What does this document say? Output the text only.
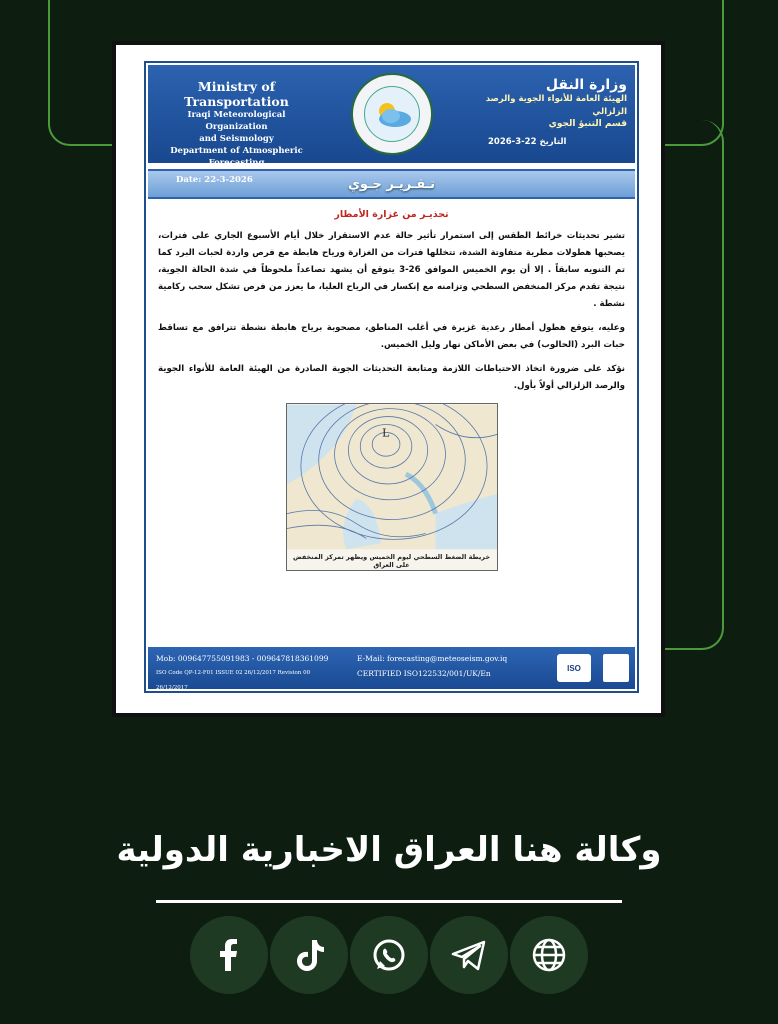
Ministry of Transportation
Iraqi Meteorological Organization
and Seismology
Department of Atmospheric Forecasting
Date: 22-3-2026
وزارة النقل
الهيئة العامة للأنواء الجوية والرصد الزلزالي
قسم التنبؤ الجوي
التاريخ 22-3-2026
تـقـريـر جـوي
تحذيـر من غزارة الأمطار

تشير تحديثات خرائط الطقس إلى استمرار تأثير حالة عدم الاستقرار خلال أيام الأسبوع الجاري على فترات، يصحبها هطولات مطرية متفاوتة الشدة، تتخللها فترات من الغزارة ورياح هابطة مع فرص واردة لحبات البرد كما تم التنويه سابقاً . إلا أن يوم الخميس الموافق 26-3 يتوقع أن يشهد تصاعداً ملحوظاً في شدة الحالة الجوية، نتيجة تقدم مركز المنخفض السطحي وتزامنه مع إنكسار في الرياح العليا، ما يعزز من فرص تشكل سحب ركامية نشطة .

وعليه، يتوقع هطول أمطار رعدية غزيرة في أغلب المناطق، مصحوبة برياح هابطة نشطة تترافق مع تساقط حبات البرد (الحالوب) في بعض الأماكن نهار وليل الخميس.

نؤكد على ضرورة اتخاذ الاحتياطات اللازمة ومتابعة التحديثات الجوية الصادرة من الهيئة العامة للأنواء الجوية والرصد الزلزالي أولاً بأول.

L
خريطة الضغط السطحي ليوم الخميس ويظهر تمركز المنخفض على العراق
Mob: 009647755091983 - 009647818361099
ISO Code QP-12-F01 ISSUE 02 26/12/2017 Revision 00 26/12/2017
E-Mail: forecasting@meteoseism.gov.iq
CERTIFIED ISO122532/001/UK/En
ISO
وكالة هنا العراق الاخبارية الدولية
